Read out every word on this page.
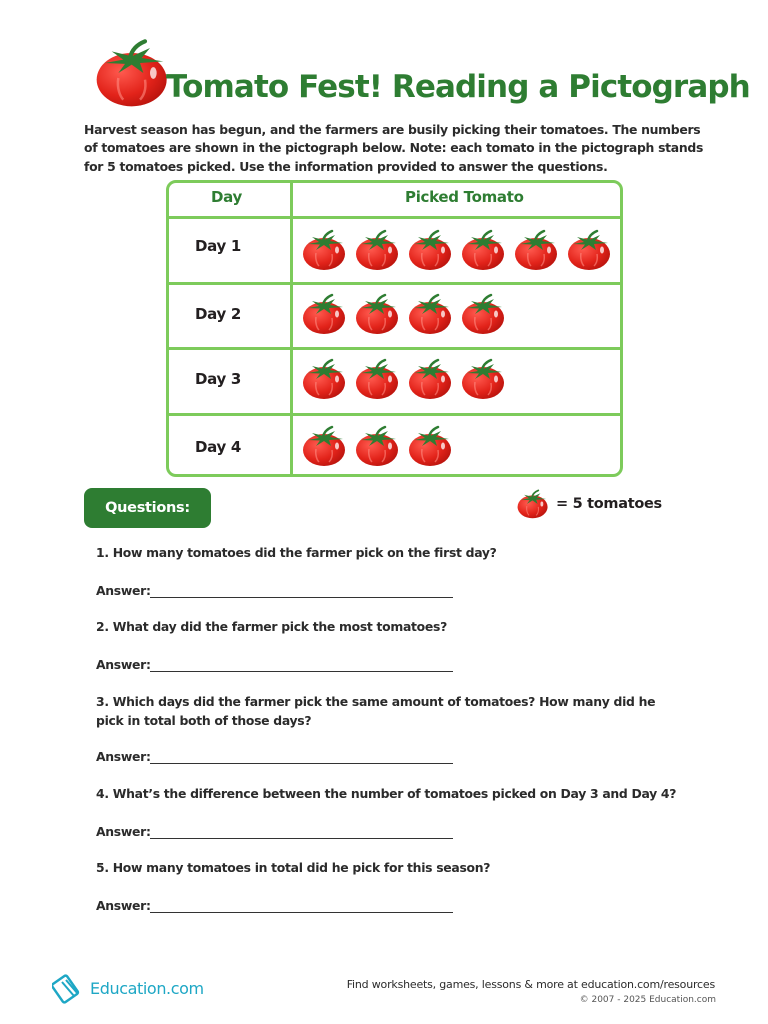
Tomato Fest! Reading a Pictograph

Harvest season has begun, and the farmers are busily picking their tomatoes. The numbers of tomatoes are shown in the pictograph below. Note: each tomato in the pictograph stands for 5 tomatoes picked. Use the information provided to answer the questions.

Day	Picked Tomato
Day 1
Day 2
Day 3
Day 4
Questions:	= 5 tomatoes

1. How many tomatoes did the farmer pick on the first day?

Answer:

2. What day did the farmer pick the most tomatoes?

Answer:

3. Which days did the farmer pick the same amount of tomatoes? How many did he pick in total both of those days?

Answer:

4. What’s the difference between the number of tomatoes picked on Day 3 and Day 4?

Answer:

5. How many tomatoes in total did he pick for this season?

Answer:
Education.com	Find worksheets, games, lessons & more at education.com/resources
© 2007 - 2025 Education.com
